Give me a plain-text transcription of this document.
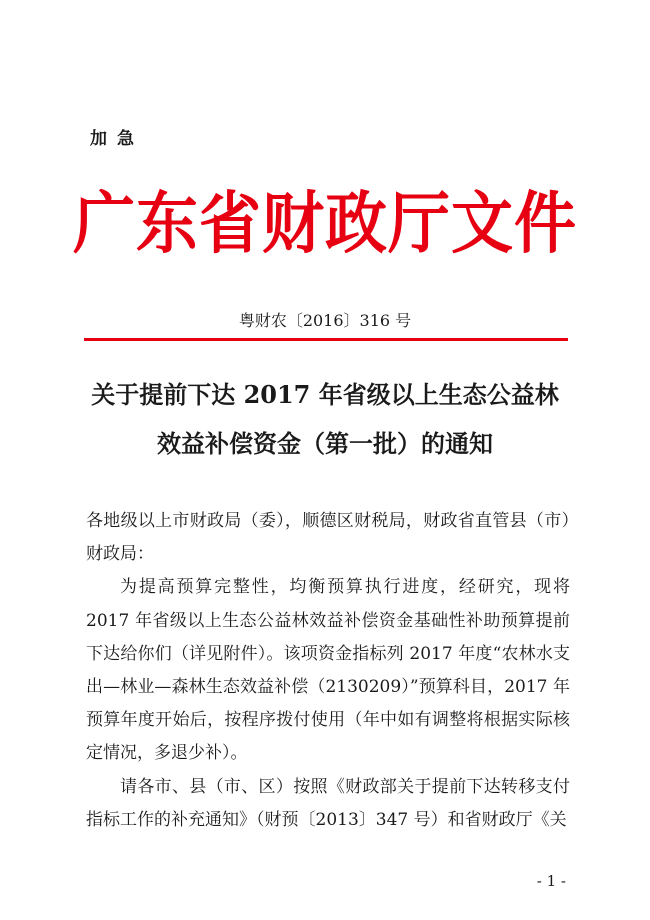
加急
广东省财政厅文件
粤财农〔2016〕316 号
关于提前下达 2017 年省级以上生态公益林
效益补偿资金（第一批）的通知

各地级以上市财政局（委），顺德区财税局，财政省直管县（市）财政局：

为提高预算完整性，均衡预算执行进度，经研究，现将 2017 年省级以上生态公益林效益补偿资金基础性补助预算提前下达给你们（详见附件）。该项资金指标列 2017 年度“农林水支出—林业—森林生态效益补偿（2130209）”预算科目，2017 年预算年度开始后，按程序拨付使用（年中如有调整将根据实际核定情况，多退少补）。

请各市、县（市、区）按照《财政部关于提前下达转移支付指标工作的补充通知》（财预〔2013〕347 号）和省财政厅《关

- 1 -
